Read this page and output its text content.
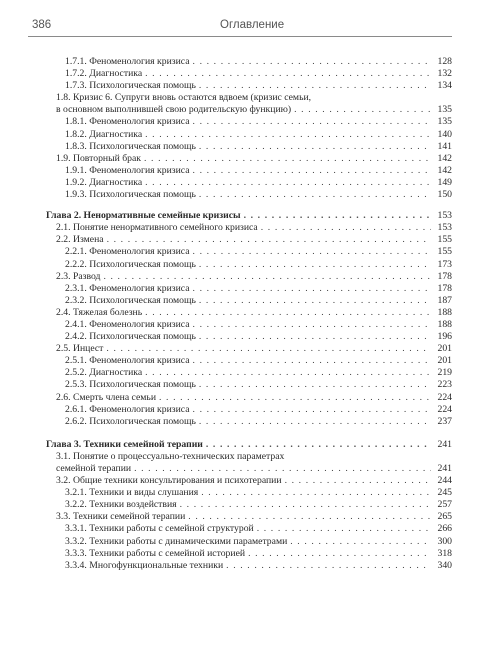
386	Оглавление
1.7.1. Феноменология кризиса . . .	128
1.7.2. Диагностика . . .	132
1.7.3. Психологическая помощь . . .	134
1.8. Кризис 6. Супруги вновь остаются вдвоем (кризис семьи,
в основном выполнившей свою родительскую функцию) . . .	135
1.8.1. Феноменология кризиса . . .	135
1.8.2. Диагностика . . .	140
1.8.3. Психологическая помощь . . .	141
1.9. Повторный брак . . .	142
1.9.1. Феноменология кризиса . . .	142
1.9.2. Диагностика . . .	149
1.9.3. Психологическая помощь . . .	150
Глава 2. Ненормативные семейные кризисы . . .	153
2.1. Понятие ненормативного семейного кризиса . . .	153
2.2. Измена . . .	155
2.2.1. Феноменология кризиса . . .	155
2.2.2. Психологическая помощь . . .	173
2.3. Развод . . .	178
2.3.1. Феноменология кризиса . . .	178
2.3.2. Психологическая помощь . . .	187
2.4. Тяжелая болезнь . . .	188
2.4.1. Феноменология кризиса . . .	188
2.4.2. Психологическая помощь . . .	196
2.5. Инцест . . .	201
2.5.1. Феноменология кризиса . . .	201
2.5.2. Диагностика . . .	219
2.5.3. Психологическая помощь . . .	223
2.6. Смерть члена семьи . . .	224
2.6.1. Феноменология кризиса . . .	224
2.6.2. Психологическая помощь . . .	237
Глава 3. Техники семейной терапии . . .	241
3.1. Понятие о процессуально-технических параметрах
семейной терапии . . .	241
3.2. Общие техники консультирования и психотерапии . . .	244
3.2.1. Техники и виды слушания . . .	245
3.2.2. Техники воздействия . . .	257
3.3. Техники семейной терапии . . .	265
3.3.1. Техники работы с семейной структурой . . .	266
3.3.2. Техники работы с динамическими параметрами . . .	300
3.3.3. Техники работы с семейной историей . . .	318
3.3.4. Многофункциональные техники . . .	340
